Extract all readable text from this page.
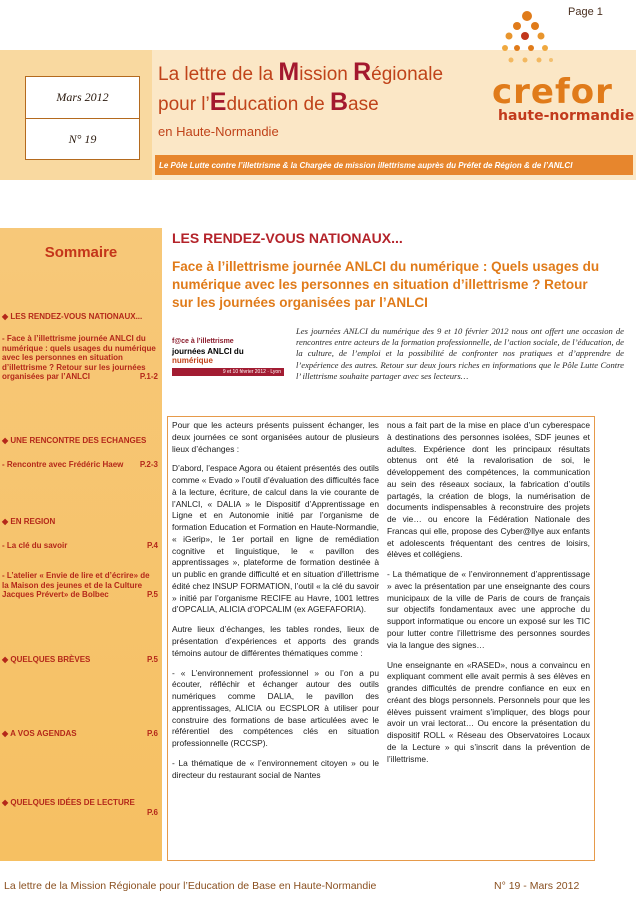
Page 1
Mars 2012
N° 19
La lettre de la Mission Régionale
pour l’Education de Base
en Haute-Normandie
crefor
haute-normandie
Le Pôle Lutte contre l’illettrisme & la Chargée de mission illettrisme auprès du Préfet de Région & de l’ANLCI
Sommaire
◆ LES RENDEZ-VOUS NATIONAUX...
- Face à l’illettrisme journée ANLCI du numérique : quels usages du numérique avec les personnes en situation d’illettrisme ? Retour sur les journées organisées par l’ANLCI	P.1-2
◆ UNE RENCONTRE DES ECHANGES
- Rencontre avec Frédéric Haew P.2-3
◆ EN REGION
- La clé du savoir	P.4
- L’atelier « Envie de lire et d’écrire» de la Maison des jeunes et de la Culture Jacques Prévert» de Bolbec	P.5
◆ QUELQUES BRÈVES	P.5
◆ A VOS AGENDAS	P.6
◆ QUELQUES IDÉES DE LECTURE

P.6
LES RENDEZ-VOUS NATIONAUX...
Face à l’illettrisme journée ANLCI du numérique : Quels usages du numérique avec les personnes en situation d’illettrisme ? Retour sur les journées organisées par l’ANLCI
f@ce à l’illettrisme
journées ANLCI du numérique
9 et 10 février 2012 · Lyon
Les journées ANLCI du numérique des 9 et 10 février 2012 nous ont offert une occasion de rencontres entre acteurs de la formation professionnelle, de l’action sociale, de l’éducation, de la culture, de l’emploi et la possibilité de confronter nos pratiques et d’apprendre de l’expérience des autres. Retour sur deux jours riches en informations que le Pôle Lutte Contre l’ illettrisme souhaite partager avec ses lecteurs…

Pour que les acteurs présents puissent échanger, les deux journées ce sont organisées autour de plusieurs lieux d’échanges :

D’abord, l’espace Agora ou étaient présentés des outils comme « Evado » l’outil d’évaluation des difficultés face à la lecture, écriture, de calcul dans la vie courante de l’ANLCI, « DALIA » le Dispositif d’Apprentissage en Ligne et en Autonomie initié par l’organisme de formation Education et Formation en Haute-Normandie, « iGerip», le 1er portail en ligne de remédiation cognitive et linguistique, le « pavillon des apprentissages », plateforme de formation destinée à un public en grande difficulté et en situation d’illettrisme édité chez INSUP FORMATION, l’outil « la clé du savoir » initié par l’organisme RECIFE au Havre, 1001 lettres d’OPCALIA, ALICIA d’OPCALIM (ex AGEFAFORIA).

Autre lieux d’échanges, les tables rondes, lieux de présentation d’expériences et apports des grands témoins autour de différentes thématiques comme :

- « L’environnement professionnel » ou l’on a pu écouter, réfléchir et échanger autour des outils numériques comme DALIA, le pavillon des apprentissages, ALICIA ou ECSPLOR à utiliser pour construire des formations de base articulées avec le référentiel des compétences clés en situation professionnelle (RCCSP).

- La thématique de « l’environnement citoyen » ou le directeur du restaurant social de Nantes

nous a fait part de la mise en place d’un cyberespace à destinations des personnes isolées, SDF jeunes et adultes. Expérience dont les principaux résultats obtenus ont été la revalorisation de soi, le développement des compétences, la communication au sein des réseaux sociaux, la fabrication d’outils partagés, la création de blogs, la numérisation de documents indispensables à reconstruire des projets de vie… ou encore la Fédération Nationale des Francas qui elle, propose des Cyber@llye aux enfants et adolescents fréquentant des centres de loisirs, élèves et collégiens.

- La thématique de « l’environnement d’apprentissage » avec la présentation par une enseignante des cours municipaux de la ville de Paris de cours de français sur objectifs fondamentaux avec une approche du support informatique ou encore un exposé sur les TIC pour lutter contre l’illettrisme des personnes sourdes via la langue des signes…

Une enseignante en «RASED», nous a convaincu en expliquant comment elle avait permis à ses élèves en grandes difficultés de prendre confiance en eux en créant des blogs personnels. Personnels pour que les élèves puissent vraiment s’impliquer, des blogs pour avoir un vrai lectorat… Ou encore la présentation du dispositif ROLL « Réseau des Observatoires Locaux de la Lecture » qui s’inscrit dans la prévention de l’illettrisme.

La lettre de la Mission Régionale pour l’Education de Base en Haute-Normandie	N° 19 - Mars 2012
